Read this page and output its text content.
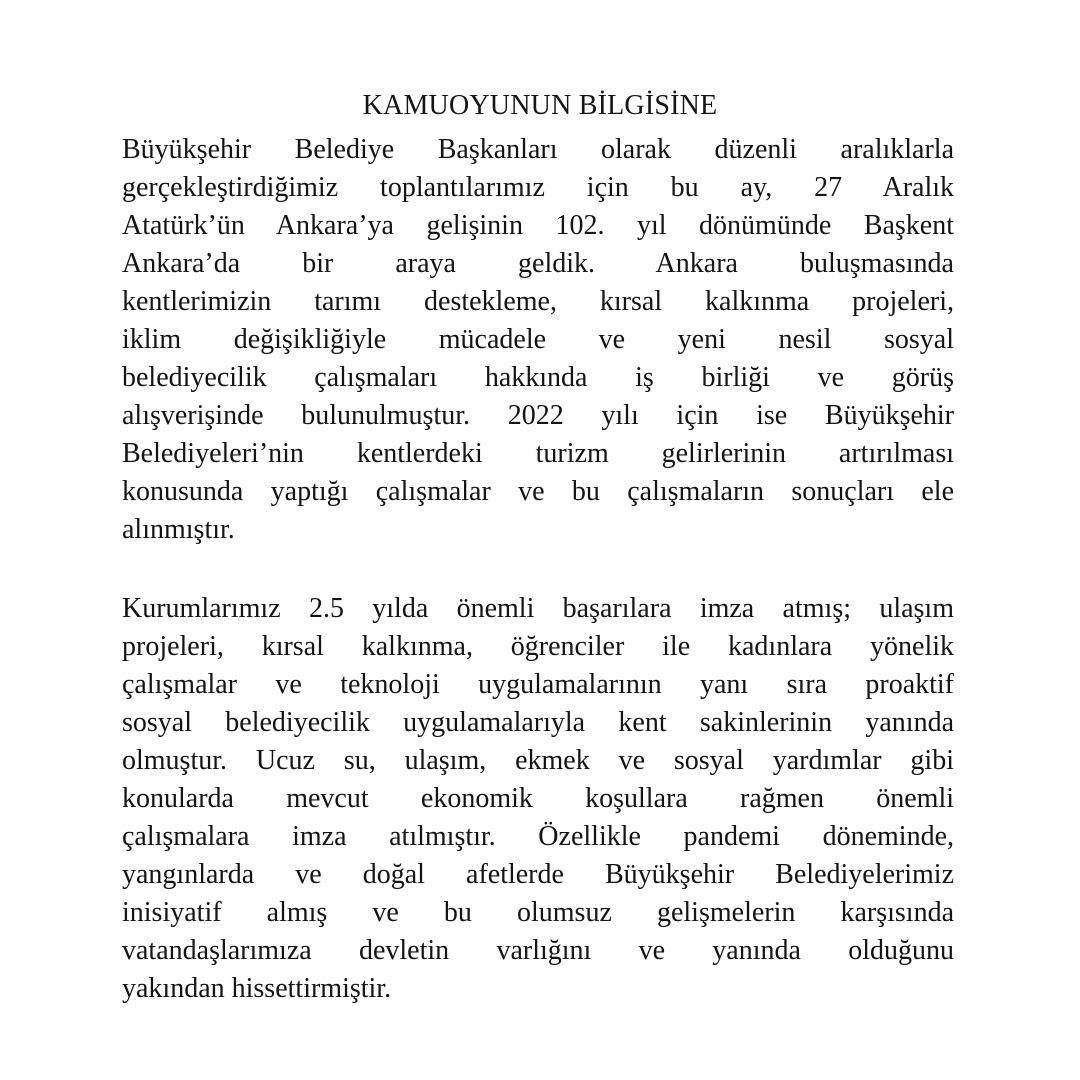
KAMUOYUNUN BİLGİSİNE
Büyükşehir Belediye Başkanları olarak düzenli aralıklarla
gerçekleştirdiğimiz toplantılarımız için bu ay, 27 Aralık
Atatürk’ün Ankara’ya gelişinin 102. yıl dönümünde Başkent
Ankara’da bir araya geldik. Ankara buluşmasında
kentlerimizin tarımı destekleme, kırsal kalkınma projeleri,
iklim değişikliğiyle mücadele ve yeni nesil sosyal
belediyecilik çalışmaları hakkında iş birliği ve görüş
alışverişinde bulunulmuştur. 2022 yılı için ise Büyükşehir
Belediyeleri’nin kentlerdeki turizm gelirlerinin artırılması
konusunda yaptığı çalışmalar ve bu çalışmaların sonuçları ele
alınmıştır.
Kurumlarımız 2.5 yılda önemli başarılara imza atmış; ulaşım
projeleri, kırsal kalkınma, öğrenciler ile kadınlara yönelik
çalışmalar ve teknoloji uygulamalarının yanı sıra proaktif
sosyal belediyecilik uygulamalarıyla kent sakinlerinin yanında
olmuştur. Ucuz su, ulaşım, ekmek ve sosyal yardımlar gibi
konularda mevcut ekonomik koşullara rağmen önemli
çalışmalara imza atılmıştır. Özellikle pandemi döneminde,
yangınlarda ve doğal afetlerde Büyükşehir Belediyelerimiz
inisiyatif almış ve bu olumsuz gelişmelerin karşısında
vatandaşlarımıza devletin varlığını ve yanında olduğunu
yakından hissettirmiştir.
